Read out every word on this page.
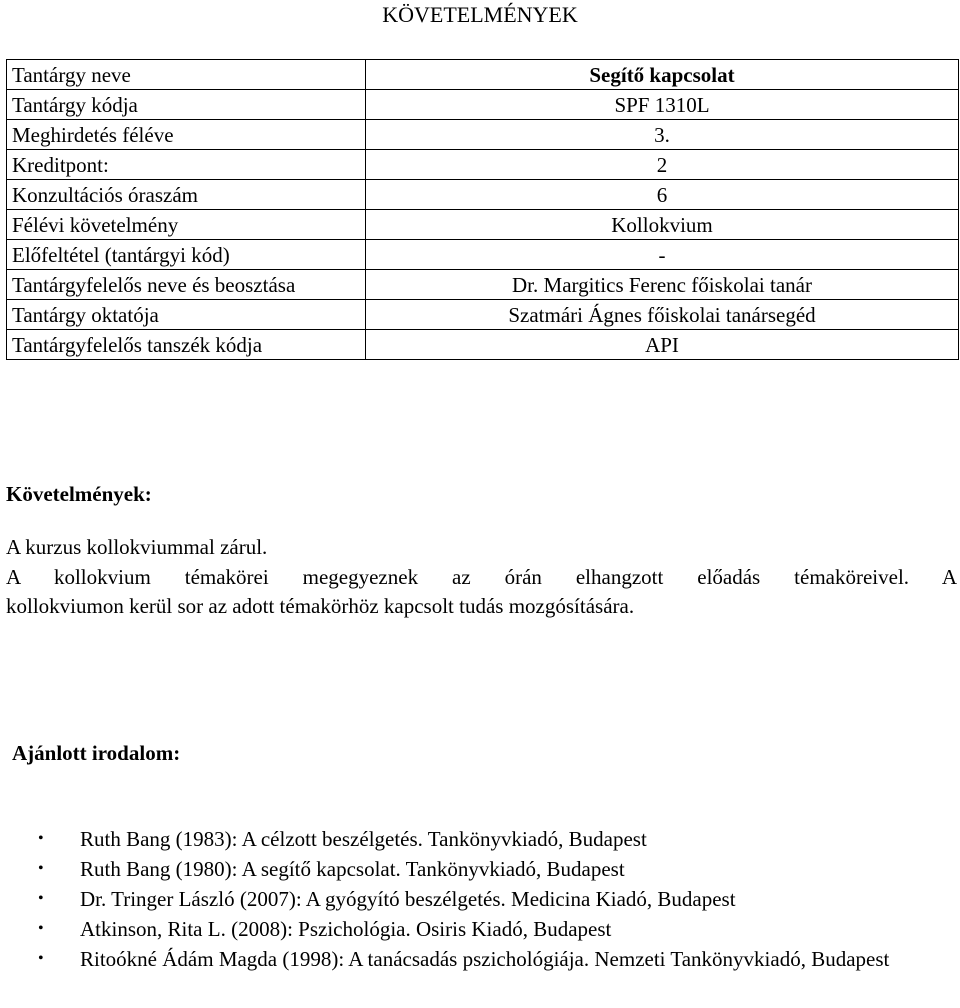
KÖVETELMÉNYEK
Tantárgy neve	Segítő kapcsolat
Tantárgy kódja	SPF 1310L
Meghirdetés féléve	3.
Kreditpont:	2
Konzultációs óraszám	6
Félévi követelmény	Kollokvium
Előfeltétel (tantárgyi kód)	-
Tantárgyfelelős neve és beosztása	Dr. Margitics Ferenc főiskolai tanár
Tantárgy oktatója	Szatmári Ágnes főiskolai tanársegéd
Tantárgyfelelős tanszék kódja	API
Követelmények:
A kurzus kollokviummal zárul.
A kollokvium témakörei megegyeznek az órán elhangzott előadás témaköreivel. A
kollokviumon kerül sor az adott témakörhöz kapcsolt tudás mozgósítására.
Ajánlott irodalom:
• Ruth Bang (1983): A célzott beszélgetés. Tankönyvkiadó, Budapest
• Ruth Bang (1980): A segítő kapcsolat. Tankönyvkiadó, Budapest
• Dr. Tringer László (2007): A gyógyító beszélgetés. Medicina Kiadó, Budapest
• Atkinson, Rita L. (2008): Pszichológia. Osiris Kiadó, Budapest
• Ritoókné Ádám Magda (1998): A tanácsadás pszichológiája. Nemzeti Tankönyvkiadó, Budapest
